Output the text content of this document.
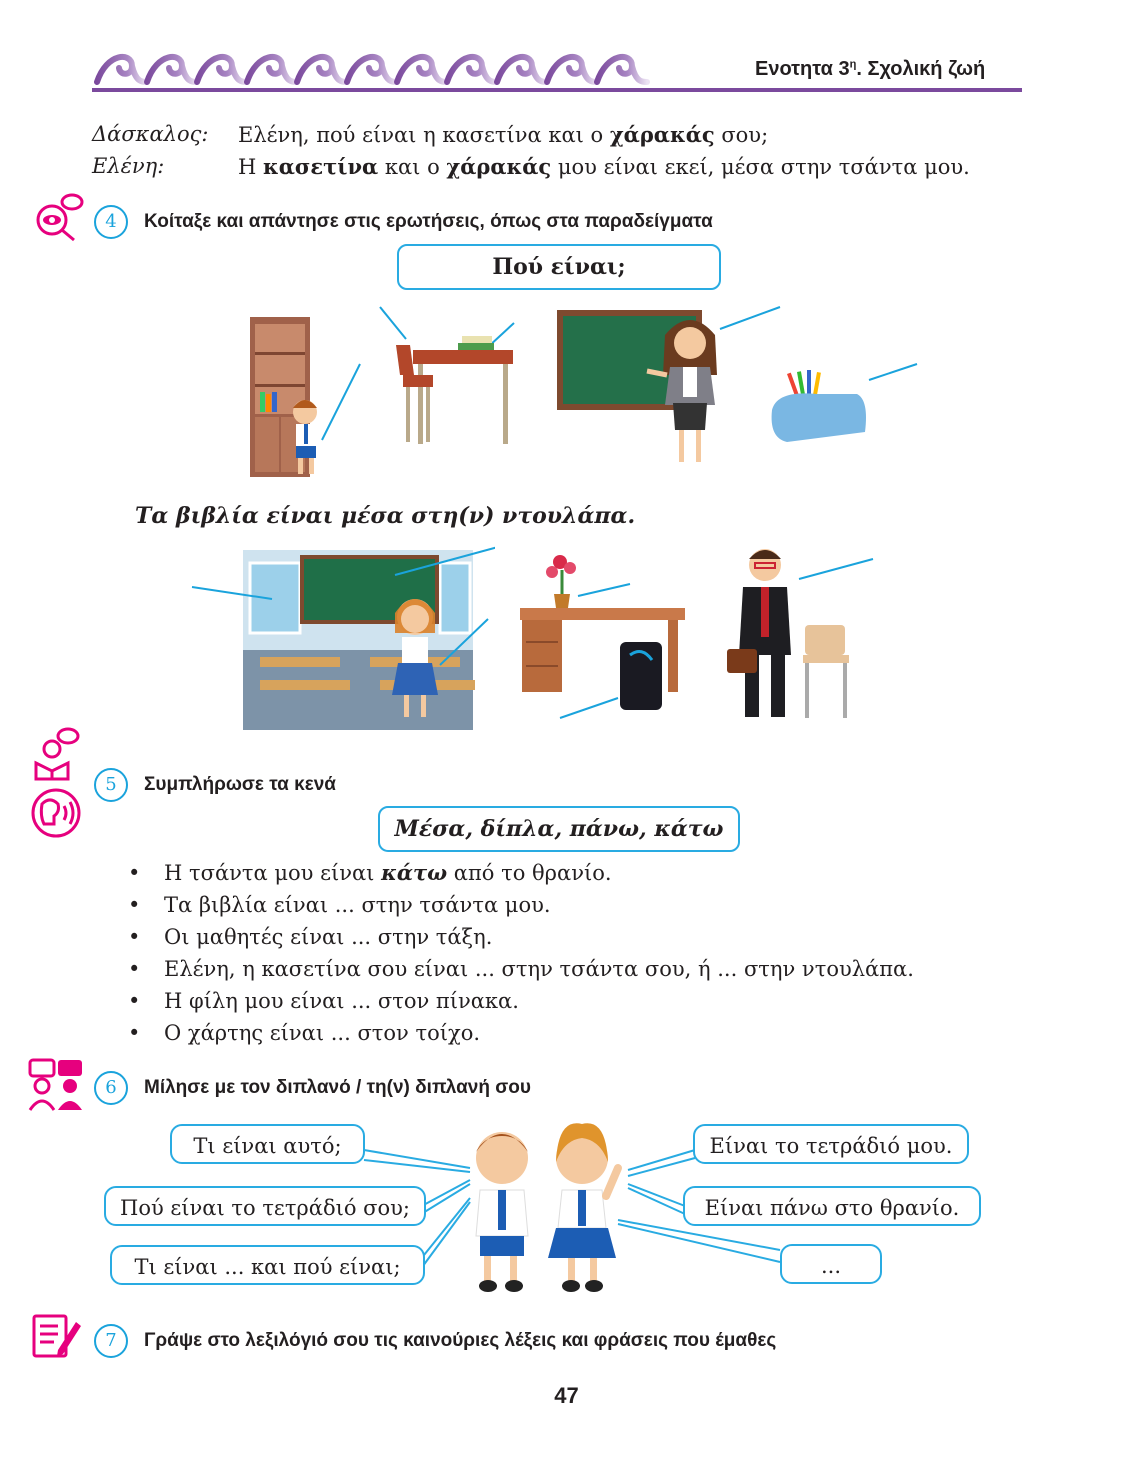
Ενοτητα $3^\eta$. Σχολική ζωή
Δάσκαλος: Ελένη, πού είναι η κασετίνα και ο χάρακάς σου;
Ελένη:	Η κασετίνα και ο χάρακάς μου είναι εκεί, μέσα στην τσάντα μου.
4	Κοίταξε και απάντησε στις ερωτήσεις, όπως στα παραδείγματα
Πού είναι;
Τα βιβλία είναι μέσα στη(ν) ντουλάπα.
5	Συμπλήρωσε τα κενά
Μέσα, δίπλα, πάνω, κάτω
• Η τσάντα μου είναι κάτω από το θρανίο.
• Τα βιβλία είναι ... στην τσάντα μου.
• Οι μαθητές είναι ... στην τάξη.
• Ελένη, η κασετίνα σου είναι ... στην τσάντα σου, ή ... στην ντουλάπα.
• Η φίλη μου είναι ... στον πίνακα.
• Ο χάρτης είναι ... στον τοίχο.
6	Μίλησε με τον διπλανό / τη(ν) διπλανή σου
Τι είναι αυτό;
Πού είναι το τετράδιό σου;
Τι είναι ... και πού είναι;
Είναι το τετράδιό μου.
Είναι πάνω στο θρανίο.
...
7	Γράψε στο λεξιλόγιό σου τις καινούριες λέξεις και φράσεις που έμαθες
47
